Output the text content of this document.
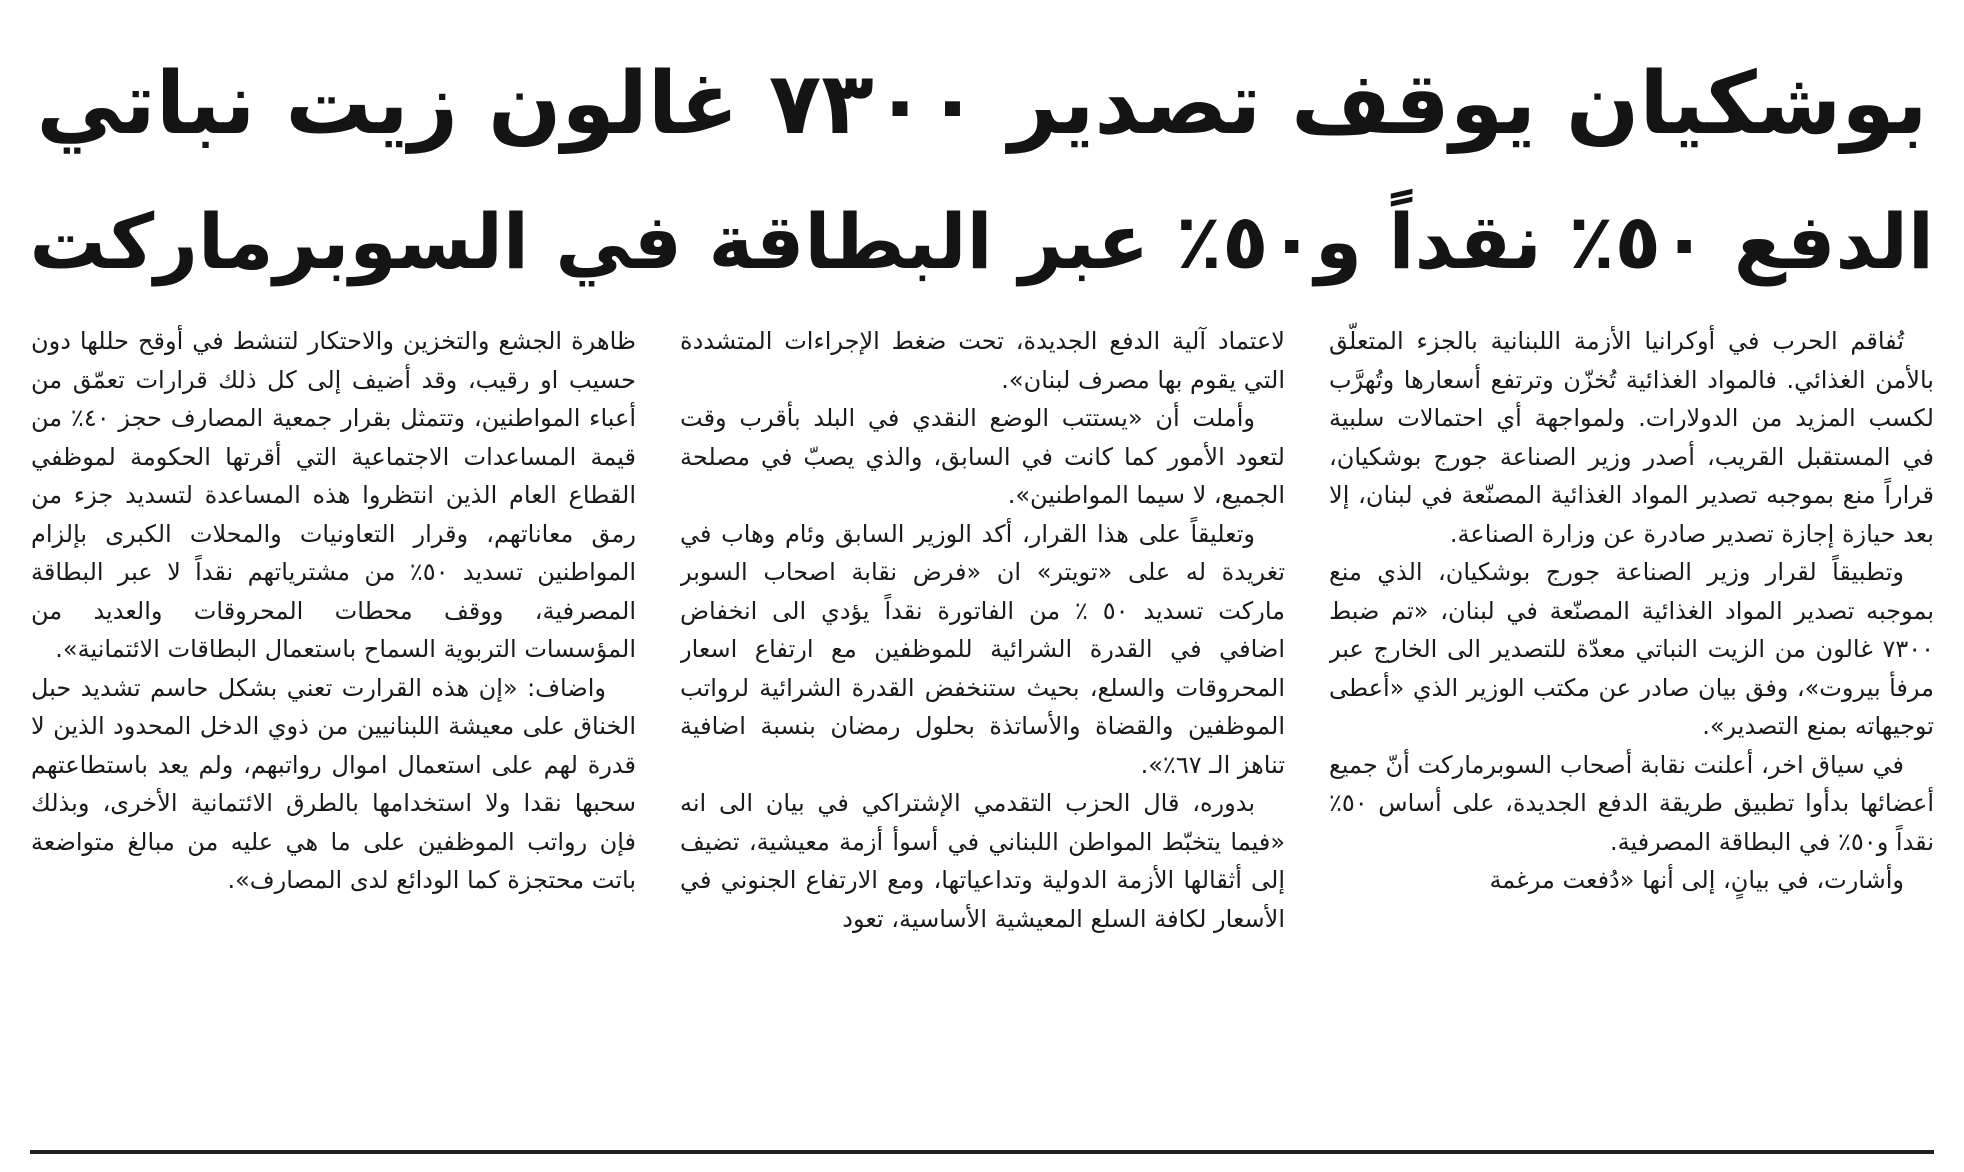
بوشكيان يوقف تصدير ٧٣٠٠ غالون زيت نباتي
الدفع ٥٠٪ نقداً و٥٠٪ عبر البطاقة في السوبرماركت

تُفاقم الحرب في أوكرانيا الأزمة اللبنانية بالجزء المتعلّق بالأمن الغذائي. فالمواد الغذائية تُخزّن وترتفع أسعارها وتُهرَّب لكسب المزيد من الدولارات. ولمواجهة أي احتمالات سلبية في المستقبل القريب، أصدر وزير الصناعة جورج بوشكيان، قراراً منع بموجبه تصدير المواد الغذائية المصنّعة في لبنان، إلا بعد حيازة إجازة تصدير صادرة عن وزارة الصناعة.

وتطبيقاً لقرار وزير الصناعة جورج بوشكيان، الذي منع بموجبه تصدير المواد الغذائية المصنّعة في لبنان، «تم ضبط ٧٣٠٠ غالون من الزيت النباتي معدّة للتصدير الى الخارج عبر مرفأ بيروت»، وفق بيان صادر عن مكتب الوزير الذي «أعطى توجيهاته بمنع التصدير».

في سياق اخر، أعلنت نقابة أصحاب السوبرماركت أنّ جميع أعضائها بدأوا تطبيق طريقة الدفع الجديدة، على أساس ٥٠٪ نقداً و٥٠٪ في البطاقة المصرفية.

وأشارت، في بيانٍ، إلى أنها «دُفعت مرغمة

لاعتماد آلية الدفع الجديدة، تحت ضغط الإجراءات المتشددة التي يقوم بها مصرف لبنان».

وأملت أن «يستتب الوضع النقدي في البلد بأقرب وقت لتعود الأمور كما كانت في السابق، والذي يصبّ في مصلحة الجميع، لا سيما المواطنين».

وتعليقاً على هذا القرار، أكد الوزير السابق وئام وهاب في تغريدة له على «تويتر» ان «فرض نقابة اصحاب السوبر ماركت تسديد ٥٠ ٪ من الفاتورة نقداً يؤدي الى انخفاض اضافي في القدرة الشرائية للموظفين مع ارتفاع اسعار المحروقات والسلع، بحيث ستنخفض القدرة الشرائية لرواتب الموظفين والقضاة والأساتذة بحلول رمضان بنسبة اضافية تناهز الـ ٦٧٪».

بدوره، قال الحزب التقدمي الإشتراكي في بيان الى انه «فيما يتخبّط المواطن اللبناني في أسوأ أزمة معيشية، تضيف إلى أثقالها الأزمة الدولية وتداعياتها، ومع الارتفاع الجنوني في الأسعار لكافة السلع المعيشية الأساسية، تعود

ظاهرة الجشع والتخزين والاحتكار لتنشط في أوقح حللها دون حسيب او رقيب، وقد أضيف إلى كل ذلك قرارات تعمّق من أعباء المواطنين، وتتمثل بقرار جمعية المصارف حجز ٤٠٪ من قيمة المساعدات الاجتماعية التي أقرتها الحكومة لموظفي القطاع العام الذين انتظروا هذه المساعدة لتسديد جزء من رمق معاناتهم، وقرار التعاونيات والمحلات الكبرى بإلزام المواطنين تسديد ٥٠٪ من مشترياتهم نقداً لا عبر البطاقة المصرفية، ووقف محطات المحروقات والعديد من المؤسسات التربوية السماح باستعمال البطاقات الائتمانية».

واضاف: «إن هذه القرارت تعني بشكل حاسم تشديد حبل الخناق على معيشة اللبنانيين من ذوي الدخل المحدود الذين لا قدرة لهم على استعمال اموال رواتبهم، ولم يعد باستطاعتهم سحبها نقدا ولا استخدامها بالطرق الائتمانية الأخرى، وبذلك فإن رواتب الموظفين على ما هي عليه من مبالغ متواضعة باتت محتجزة كما الودائع لدى المصارف».
